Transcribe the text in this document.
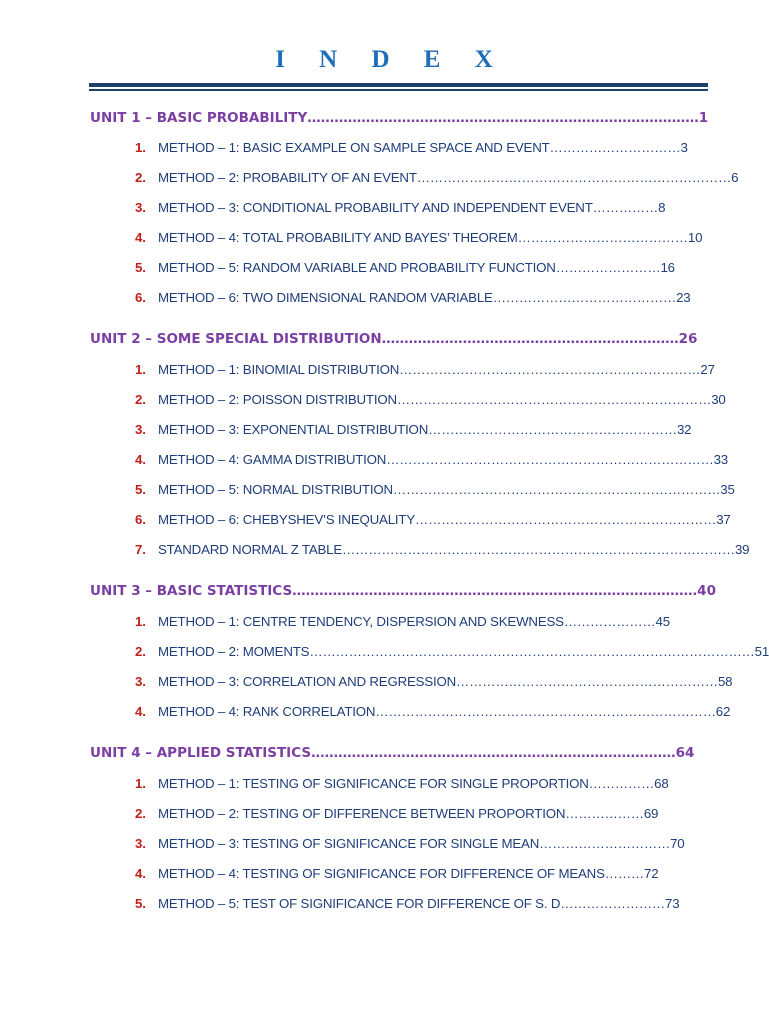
I N D E X
UNIT 1 – BASIC PROBABILITY……………………………………………………………………………1
1. METHOD – 1: BASIC EXAMPLE ON SAMPLE SPACE AND EVENT…………………………3
2. METHOD – 2: PROBABILITY OF AN EVENT………………………………………………………………6
3. METHOD – 3: CONDITIONAL PROBABILITY AND INDEPENDENT EVENT……………8
4. METHOD – 4: TOTAL PROBABILITY AND BAYES’ THEOREM…………………………………10
5. METHOD – 5: RANDOM VARIABLE AND PROBABILITY FUNCTION……………………16
6. METHOD – 6: TWO DIMENSIONAL RANDOM VARIABLE……………………………………23
UNIT 2 – SOME SPECIAL DISTRIBUTION…………………………………………………………26
1. METHOD – 1: BINOMIAL DISTRIBUTION……………………………………………………………27
2. METHOD – 2: POISSON DISTRIBUTION………………………………………………………………30
3. METHOD – 3: EXPONENTIAL DISTRIBUTION…………………………………………………32
4. METHOD – 4: GAMMA DISTRIBUTION…………………………………………………………………33
5. METHOD – 5: NORMAL DISTRIBUTION…………………………………………………………………35
6. METHOD – 6: CHEBYSHEV’S INEQUALITY……………………………………………………………37
7. STANDARD NORMAL Z TABLE………………………………………………………………………………39
UNIT 3 – BASIC STATISTICS………………………………………………………………………………40
1. METHOD – 1: CENTRE TENDENCY, DISPERSION AND SKEWNESS…………………45
2. METHOD – 2: MOMENTS…………………………………………………………………………………………51
3. METHOD – 3: CORRELATION AND REGRESSION……………………………………………………58
4. METHOD – 4: RANK CORRELATION……………………………………………………………………62
UNIT 4 – APPLIED STATISTICS………………………………………………………………………64
1. METHOD – 1: TESTING OF SIGNIFICANCE FOR SINGLE PROPORTION……………68
2. METHOD – 2: TESTING OF DIFFERENCE BETWEEN PROPORTION………………69
3. METHOD – 3: TESTING OF SIGNIFICANCE FOR SINGLE MEAN…………………………70
4. METHOD – 4: TESTING OF SIGNIFICANCE FOR DIFFERENCE OF MEANS………72
5. METHOD – 5: TEST OF SIGNIFICANCE FOR DIFFERENCE OF S. D……………………73
